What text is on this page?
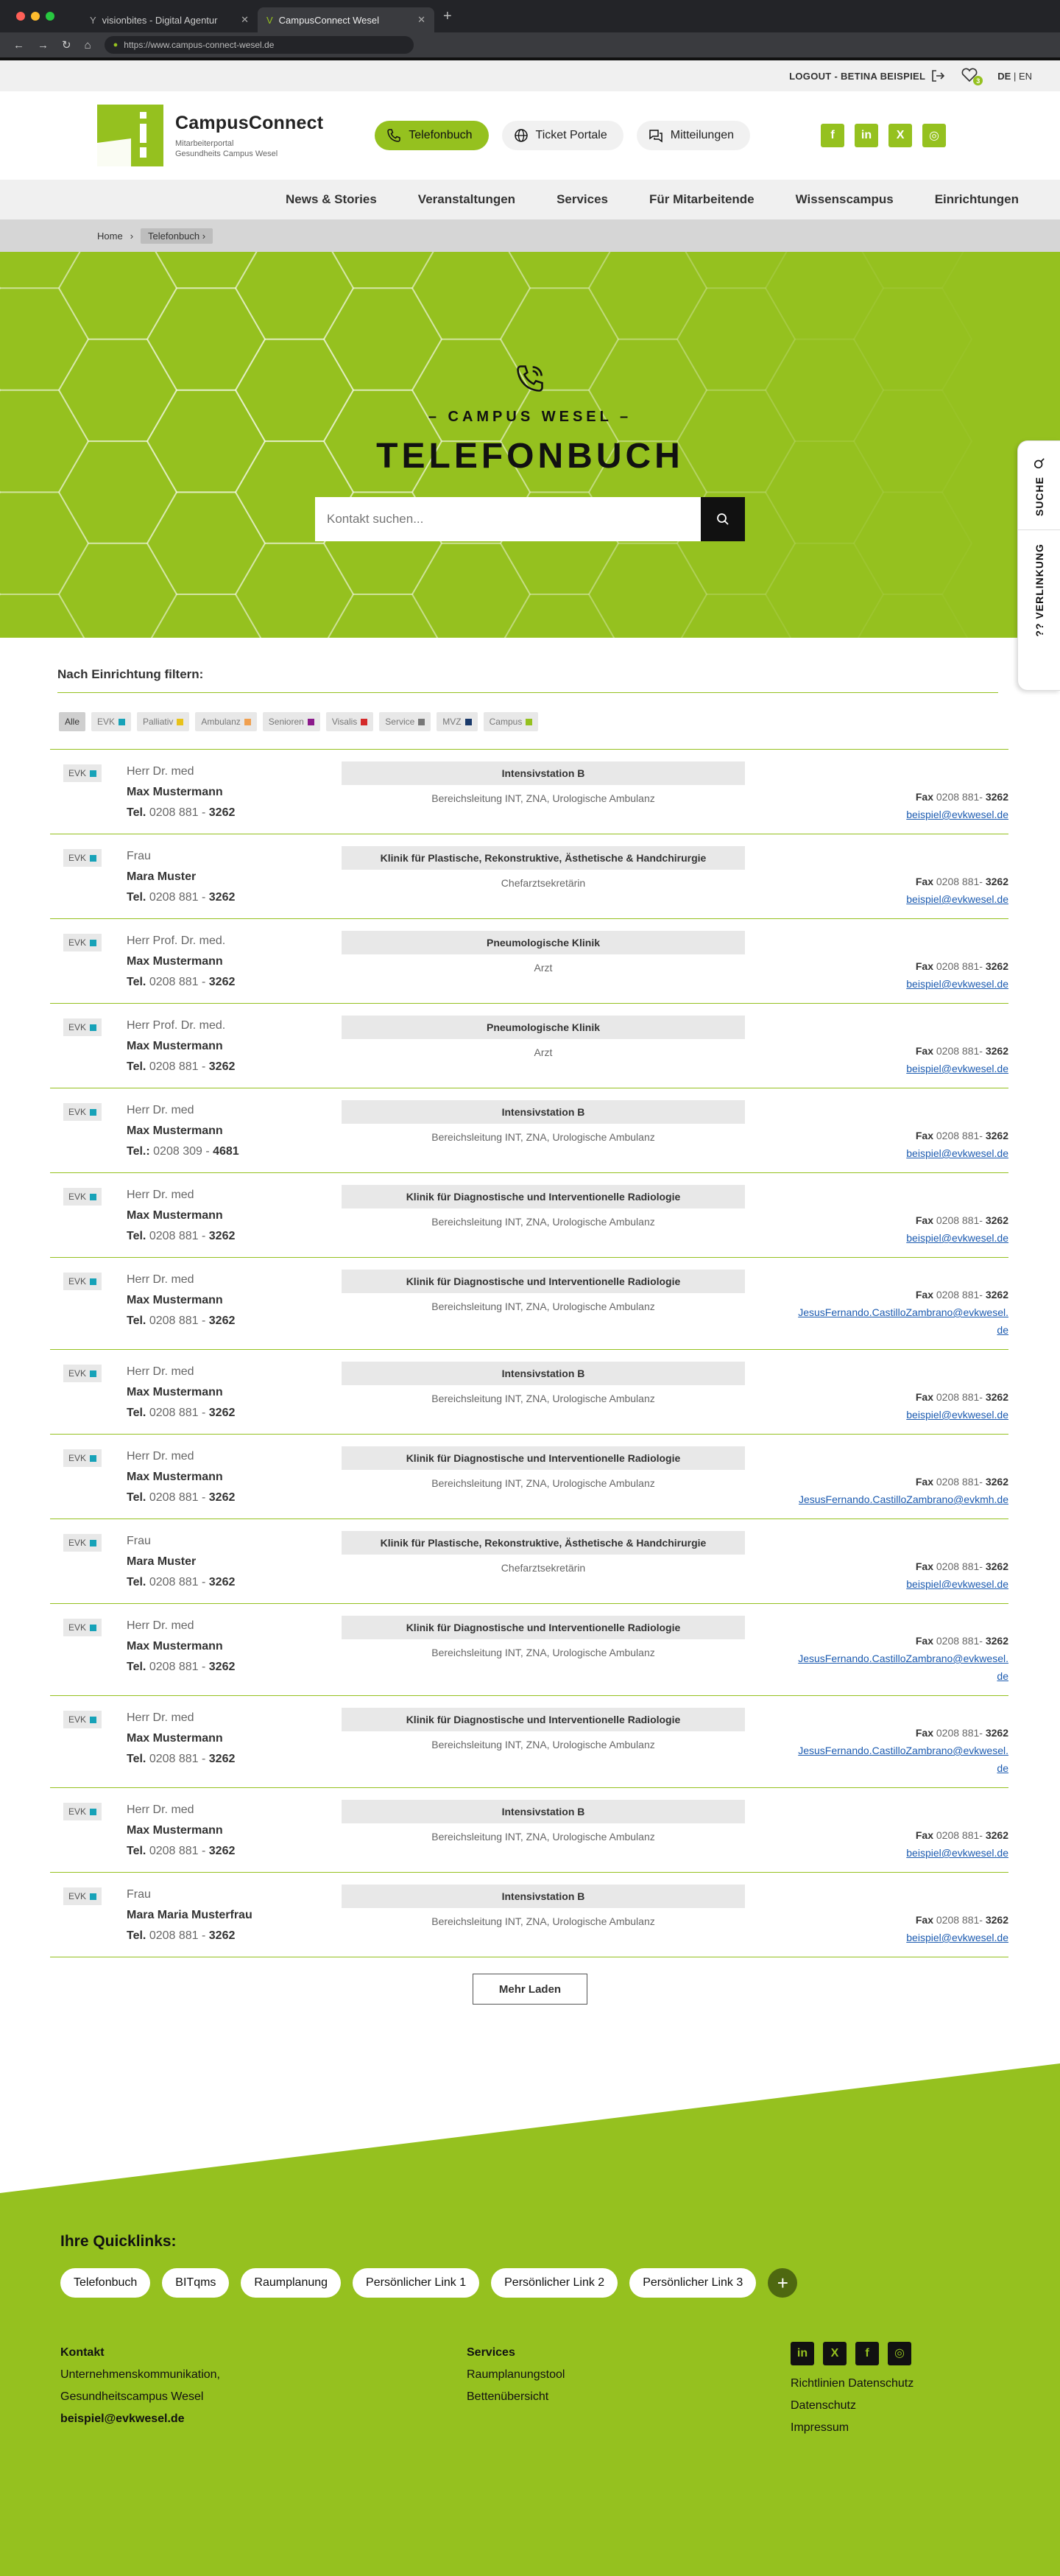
Y visionbites - Digital Agentur ✕ V CampusConnect Wesel	✕ +
← → ↻ ⌂	● https://www.campus-connect-wesel.de
LOGOUT - BETINA BEISPIEL	3	DE | EN
CampusConnect
Mitarbeiterportal
Gesundheits Campus Wesel
Telefonbuch	Ticket Portale	Mitteilungen	f	in	X	◎
News & Stories	Veranstaltungen	Services	Für Mitarbeitende	Wissenscampus	Einrichtungen
Home ›	Telefonbuch ›
– CAMPUS WESEL –
TELEFONBUCH
Kontakt suchen...
SUCHE
?? VERLINKUNG
Nach Einrichtung filtern:
Alle EVK	Palliativ	Ambulanz	Senioren	Visalis	Service	MVZ	Campus
EVK	Herr Dr. med
Max Mustermann
Tel. 0208 881 - 3262
Intensivstation B
Bereichsleitung INT, ZNA, Urologische Ambulanz	Fax 0208 881- 3262
beispiel@evkwesel.de
EVK	Frau
Mara Muster
Tel. 0208 881 - 3262
Klinik für Plastische, Rekonstruktive, Ästhetische & Handchirurgie
Chefarztsekretärin	Fax 0208 881- 3262
beispiel@evkwesel.de
EVK	Herr Prof. Dr. med.
Max Mustermann
Tel. 0208 881 - 3262
Pneumologische Klinik
Arzt	Fax 0208 881- 3262
beispiel@evkwesel.de
EVK	Herr Prof. Dr. med.
Max Mustermann
Tel. 0208 881 - 3262
Pneumologische Klinik
Arzt	Fax 0208 881- 3262
beispiel@evkwesel.de
EVK	Herr Dr. med
Max Mustermann
Tel.: 0208 309 - 4681
Intensivstation B
Bereichsleitung INT, ZNA, Urologische Ambulanz	Fax 0208 881- 3262
beispiel@evkwesel.de
EVK	Herr Dr. med
Max Mustermann
Tel. 0208 881 - 3262
Klinik für Diagnostische und Interventionelle Radiologie
Bereichsleitung INT, ZNA, Urologische Ambulanz	Fax 0208 881- 3262
beispiel@evkwesel.de
EVK	Herr Dr. med
Max Mustermann
Tel. 0208 881 - 3262
Klinik für Diagnostische und Interventionelle Radiologie
Bereichsleitung INT, ZNA, Urologische Ambulanz
Fax 0208 881- 3262
JesusFernando.CastilloZambrano@evkwesel.de
EVK	Herr Dr. med
Max Mustermann
Tel. 0208 881 - 3262
Intensivstation B
Bereichsleitung INT, ZNA, Urologische Ambulanz	Fax 0208 881- 3262
beispiel@evkwesel.de
EVK	Herr Dr. med
Max Mustermann
Tel. 0208 881 - 3262
Klinik für Diagnostische und Interventionelle Radiologie
Bereichsleitung INT, ZNA, Urologische Ambulanz	Fax 0208 881- 3262
JesusFernando.CastilloZambrano@evkmh.de
EVK	Frau
Mara Muster
Tel. 0208 881 - 3262
Klinik für Plastische, Rekonstruktive, Ästhetische & Handchirurgie
Chefarztsekretärin	Fax 0208 881- 3262
beispiel@evkwesel.de
EVK	Herr Dr. med
Max Mustermann
Tel. 0208 881 - 3262
Klinik für Diagnostische und Interventionelle Radiologie
Bereichsleitung INT, ZNA, Urologische Ambulanz
Fax 0208 881- 3262
JesusFernando.CastilloZambrano@evkwesel.de
EVK	Herr Dr. med
Max Mustermann
Tel. 0208 881 - 3262
Klinik für Diagnostische und Interventionelle Radiologie
Bereichsleitung INT, ZNA, Urologische Ambulanz
Fax 0208 881- 3262
JesusFernando.CastilloZambrano@evkwesel.de
EVK	Herr Dr. med
Max Mustermann
Tel. 0208 881 - 3262
Intensivstation B
Bereichsleitung INT, ZNA, Urologische Ambulanz	Fax 0208 881- 3262
beispiel@evkwesel.de
EVK	Frau
Mara Maria Musterfrau
Tel. 0208 881 - 3262
Intensivstation B
Bereichsleitung INT, ZNA, Urologische Ambulanz	Fax 0208 881- 3262
beispiel@evkwesel.de
Mehr Laden
Ihre Quicklinks:
Telefonbuch	BITqms	Raumplanung	Persönlicher Link 1	Persönlicher Link 2	Persönlicher Link 3	+
Kontakt
Unternehmenskommunikation,
Gesundheitscampus Wesel
beispiel@evkwesel.de
Services
Raumplanungstool
Bettenübersicht
in	X	f	◎
Richtlinien Datenschutz
Datenschutz
Impressum
